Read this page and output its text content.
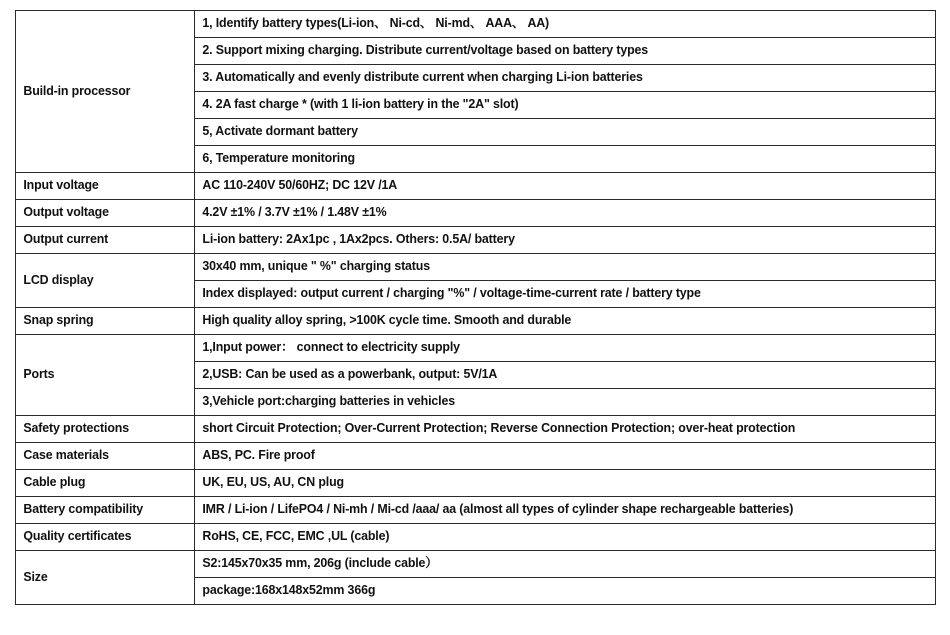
Build-in processor	1, Identify battery types(Li-ion、 Ni-cd、 Ni-md、 AAA、 AA)
	2. Support mixing charging. Distribute current/voltage based on battery types
	3. Automatically and evenly distribute current when charging Li-ion batteries
	4. 2A fast charge * (with 1 li-ion battery in the "2A" slot)
	5, Activate dormant battery
	6, Temperature monitoring
Input voltage	AC 110-240V 50/60HZ; DC 12V /1A
Output voltage	4.2V ±1% / 3.7V ±1% / 1.48V ±1%
Output current	Li-ion battery: 2Ax1pc , 1Ax2pcs. Others: 0.5A/ battery
LCD display	30x40 mm, unique " %" charging status
	Index displayed: output current / charging "%" / voltage-time-current rate / battery type
Snap spring	High quality alloy spring, >100K cycle time. Smooth and durable
Ports	1,Input power： connect to electricity supply
	2,USB: Can be used as a powerbank, output: 5V/1A
	3,Vehicle port:charging batteries in vehicles
Safety protections	short Circuit Protection; Over-Current Protection; Reverse Connection Protection; over-heat protection
Case materials	ABS, PC. Fire proof
Cable plug	UK, EU, US, AU, CN plug
Battery compatibility	IMR / Li-ion / LifePO4 / Ni-mh / Mi-cd /aaa/ aa (almost all types of cylinder shape rechargeable batteries)
Quality certificates	RoHS, CE, FCC, EMC ,UL (cable)
Size	S2:145x70x35 mm, 206g (include cable）
	package:168x148x52mm 366g
